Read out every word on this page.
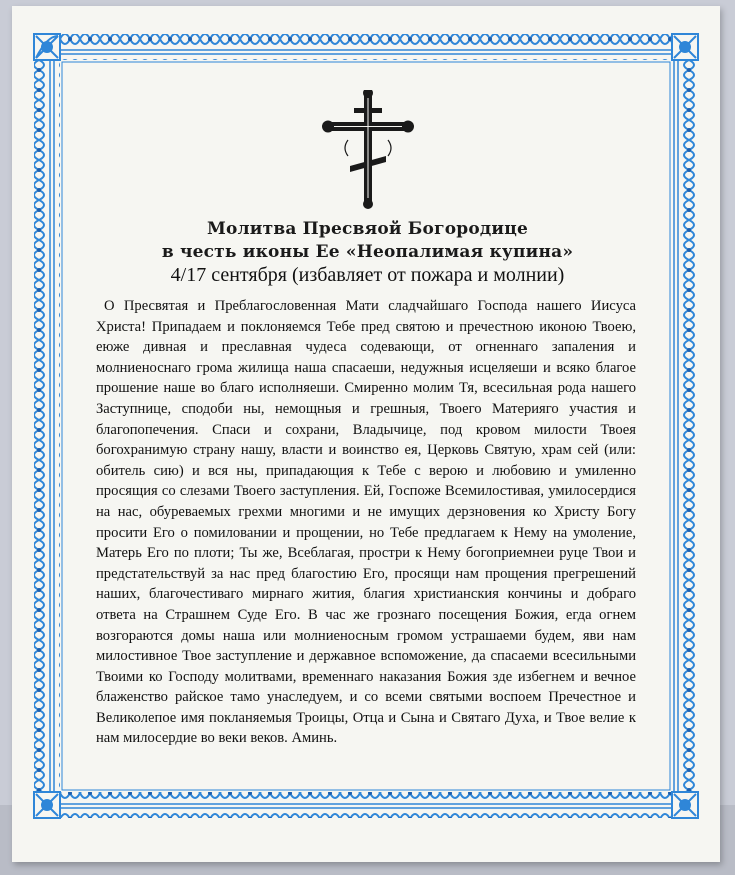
Молитва Пресвяой Богородице
в честь иконы Ее «Неопалимая купина»
4/17 сентября (избавляет от пожара и молнии)
О Пресвятая и Преблагословенная Мати сладчайшаго Господа нашего Иисуса Христа! Припадаем и поклоняемся Тебе пред святою и пречестною иконою Твоею, еюже дивная и преславная чудеса содевающи, от огненнаго запаления и молниеноснаго грома жилища наша спасаеши, недужныя исцеляеши и всяко благое прошение наше во благо исполняеши. Смиренно молим Тя, всесильная рода нашего Заступнице, сподоби ны, немощныя и грешныя, Твоего Материяго участия и благопопечения. Спаси и сохрани, Владычице, под кровом милости Твоея богохранимую страну нашу, власти и воинство ея, Церковь Святую, храм сей (или: обитель сию) и вся ны, припадающия к Тебе с верою и любовию и умиленно просящия со слезами Твоего заступления. Ей, Госпоже Всемилостивая, умилосердися на нас, обуреваемых грехми многими и не имущих дерзновения ко Христу Богу просити Его о помиловании и прощении, но Тебе предлагаем к Нему на умоление, Матерь Его по плоти; Ты же, Всеблагая, простри к Нему богоприемнеи руце Твои и предстательствуй за нас пред благостию Его, просящи нам прощения прегрешений наших, благочестиваго мирнаго жития, благия христианския кончины и добраго ответа на Страшнем Суде Его. В час же грознаго посещения Божия, егда огнем возгораются домы наша или молниеносным громом устрашаеми будем, яви нам милостивное Твое заступление и державное вспоможение, да спасаеми всесильными Твоими ко Господу молитвами, временнаго наказания Божия зде избегнем и вечное блаженство райское тамо унаследуем, и со всеми святыми воспоем Пречестное и Великолепое имя покланяемыя Троицы, Отца и Сына и Святаго Духа, и Твое велие к нам милосердие во веки веков. Аминь.
